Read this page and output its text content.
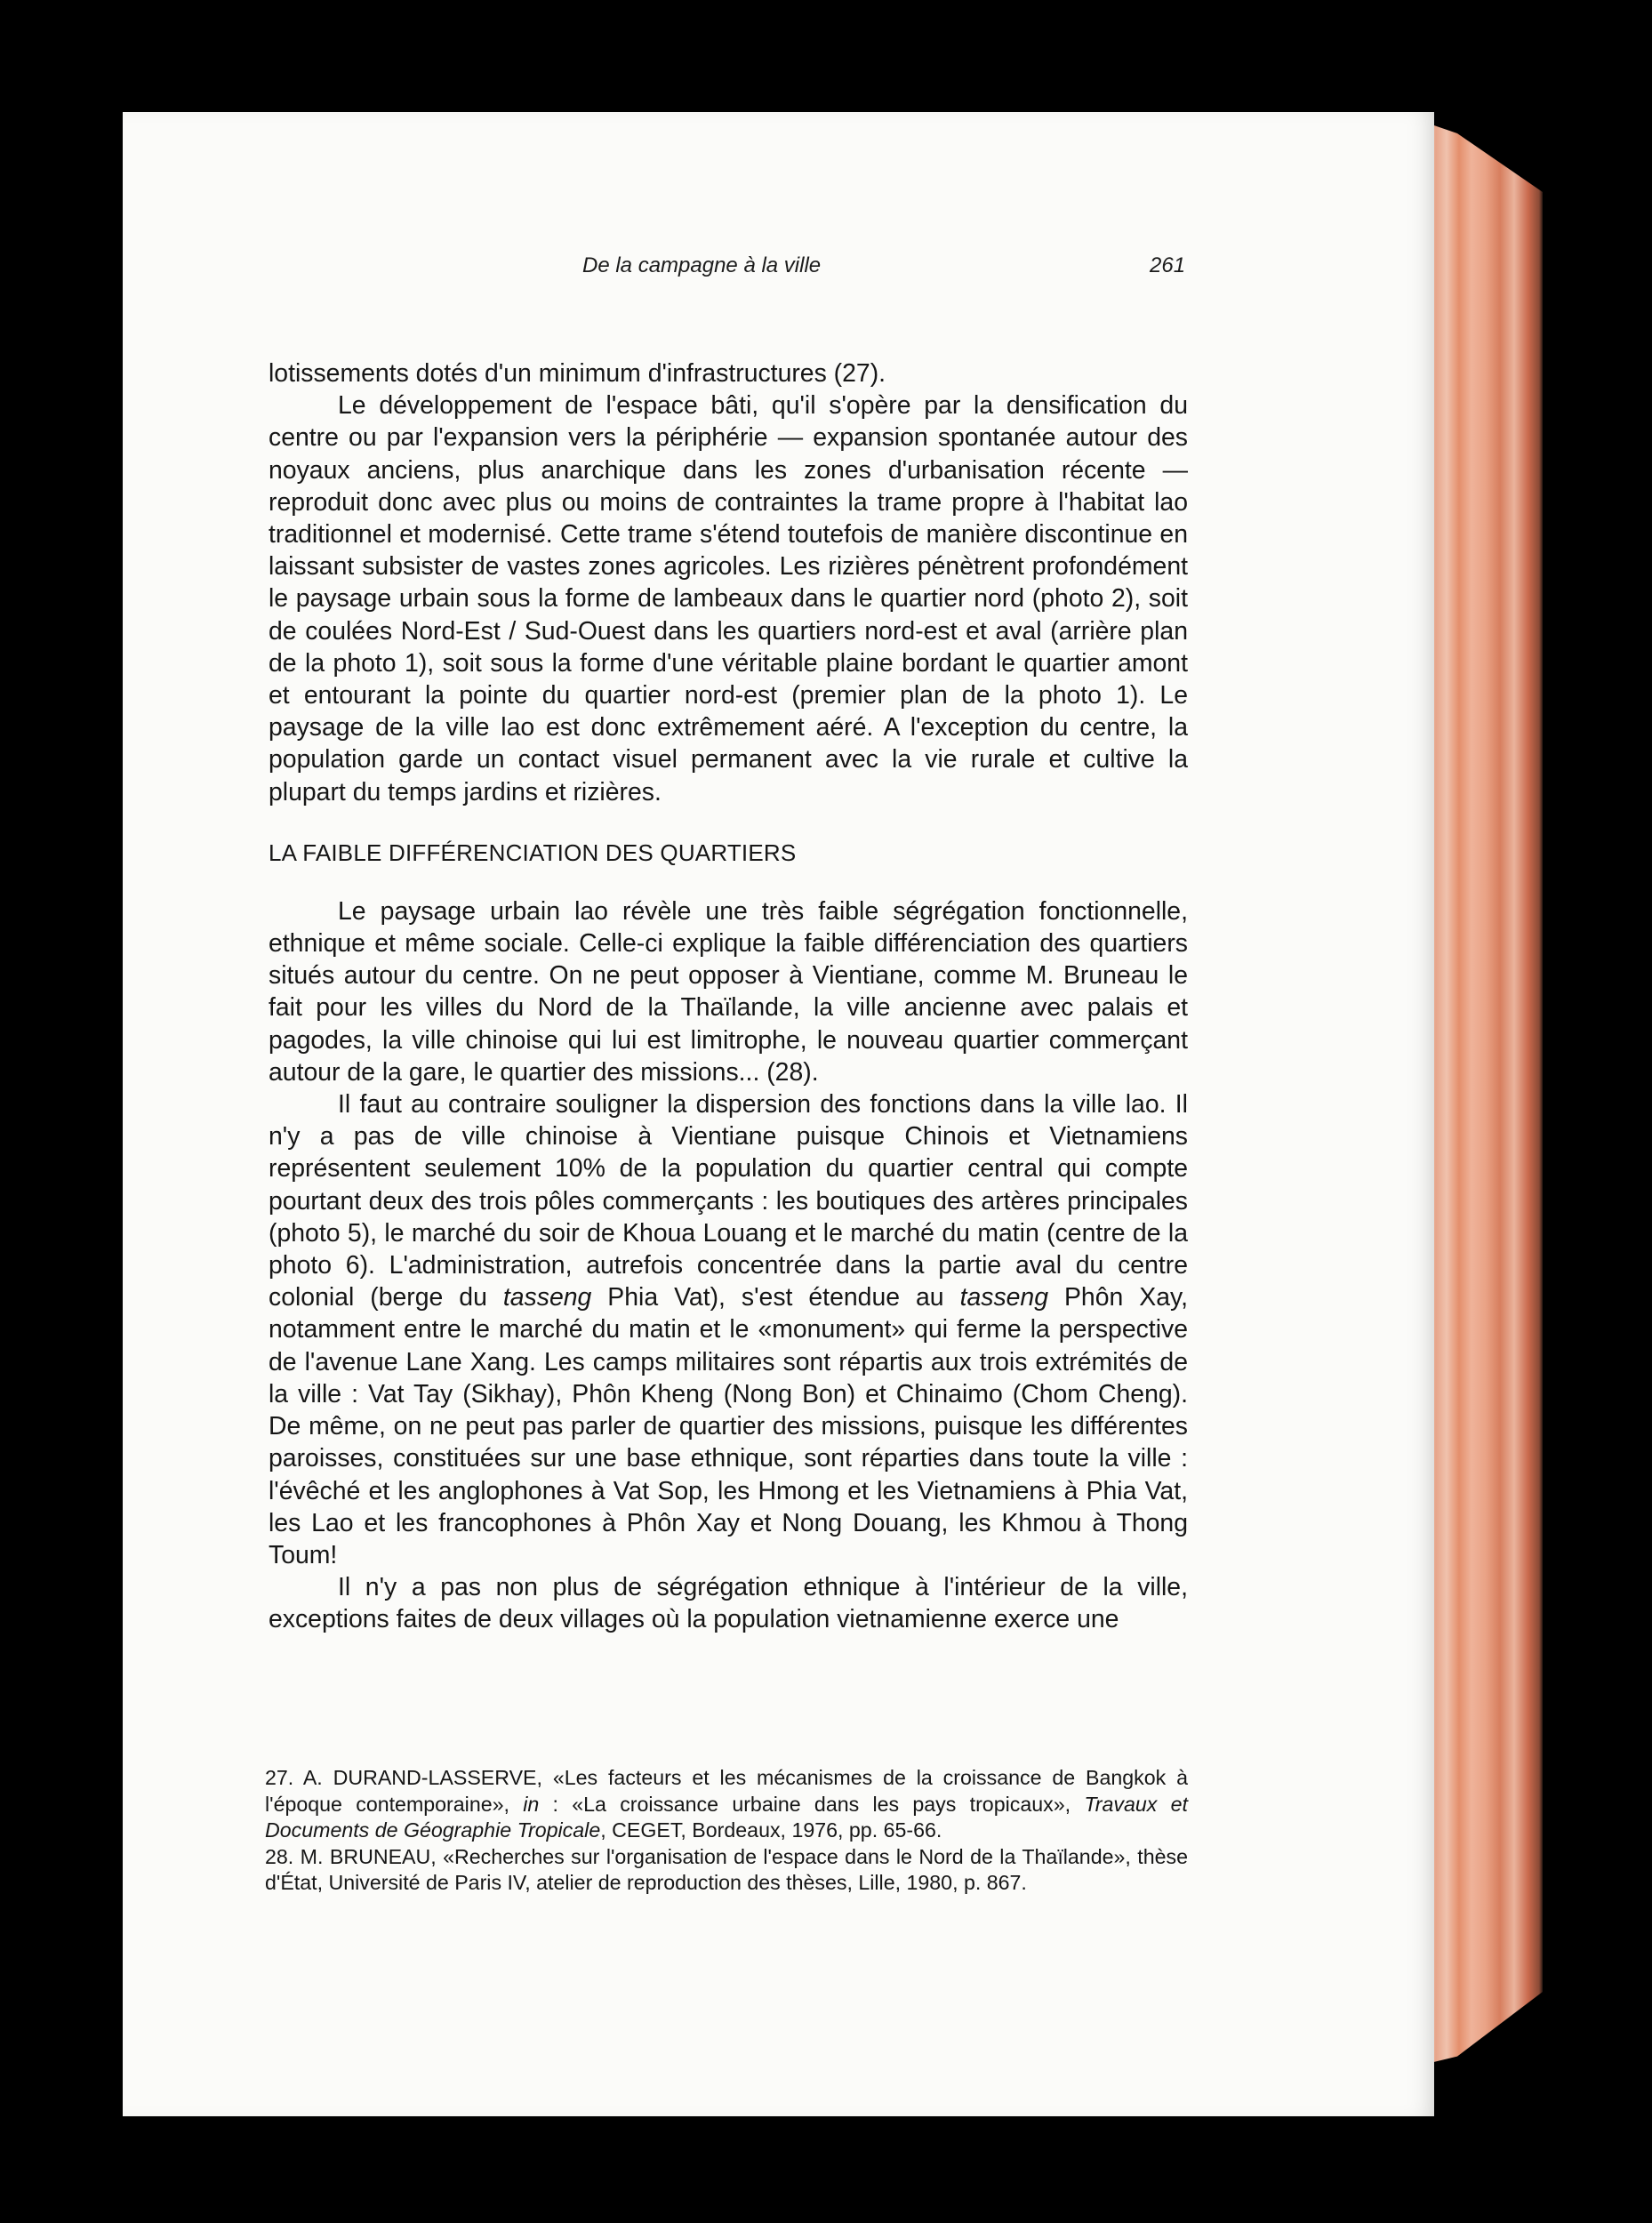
De la campagne à la ville	261

lotissements dotés d'un minimum d'infrastructures (27).

Le développement de l'espace bâti, qu'il s'opère par la densification du centre ou par l'expansion vers la périphérie — expansion spontanée autour des noyaux anciens, plus anarchique dans les zones d'urbanisation récente — reproduit donc avec plus ou moins de contraintes la trame propre à l'habitat lao traditionnel et modernisé. Cette trame s'étend toutefois de manière discontinue en laissant subsister de vastes zones agricoles. Les rizières pénètrent profondément le paysage urbain sous la forme de lambeaux dans le quartier nord (photo 2), soit de coulées Nord-Est / Sud-Ouest dans les quartiers nord-est et aval (arrière plan de la photo 1), soit sous la forme d'une véritable plaine bordant le quartier amont et entourant la pointe du quartier nord-est (premier plan de la photo 1). Le paysage de la ville lao est donc extrêmement aéré. A l'exception du centre, la population garde un contact visuel permanent avec la vie rurale et cultive la plupart du temps jardins et rizières.

LA FAIBLE DIFFÉRENCIATION DES QUARTIERS

Le paysage urbain lao révèle une très faible ségrégation fonctionnelle, ethnique et même sociale. Celle-ci explique la faible différenciation des quartiers situés autour du centre. On ne peut opposer à Vientiane, comme M. Bruneau le fait pour les villes du Nord de la Thaïlande, la ville ancienne avec palais et pagodes, la ville chinoise qui lui est limitrophe, le nouveau quartier commerçant autour de la gare, le quartier des missions... (28).

Il faut au contraire souligner la dispersion des fonctions dans la ville lao. Il n'y a pas de ville chinoise à Vientiane puisque Chinois et Vietnamiens représentent seulement 10% de la population du quartier central qui compte pourtant deux des trois pôles commerçants : les boutiques des artères principales (photo 5), le marché du soir de Khoua Louang et le marché du matin (centre de la photo 6). L'administration, autrefois concentrée dans la partie aval du centre colonial (berge du tasseng Phia Vat), s'est étendue au tasseng Phôn Xay, notamment entre le marché du matin et le «monument» qui ferme la perspective de l'avenue Lane Xang. Les camps militaires sont répartis aux trois extrémités de la ville : Vat Tay (Sikhay), Phôn Kheng (Nong Bon) et Chinaimo (Chom Cheng). De même, on ne peut pas parler de quartier des missions, puisque les différentes paroisses, constituées sur une base ethnique, sont réparties dans toute la ville : l'évêché et les anglophones à Vat Sop, les Hmong et les Vietnamiens à Phia Vat, les Lao et les francophones à Phôn Xay et Nong Douang, les Khmou à Thong Toum!

Il n'y a pas non plus de ségrégation ethnique à l'intérieur de la ville, exceptions faites de deux villages où la population vietnamienne exerce une

27. A. DURAND-LASSERVE, «Les facteurs et les mécanismes de la croissance de Bangkok à l'époque contemporaine», in : «La croissance urbaine dans les pays tropicaux», Travaux et Documents de Géographie Tropicale, CEGET, Bordeaux, 1976, pp. 65-66.

28. M. BRUNEAU, «Recherches sur l'organisation de l'espace dans le Nord de la Thaïlande», thèse d'État, Université de Paris IV, atelier de reproduction des thèses, Lille, 1980, p. 867.
